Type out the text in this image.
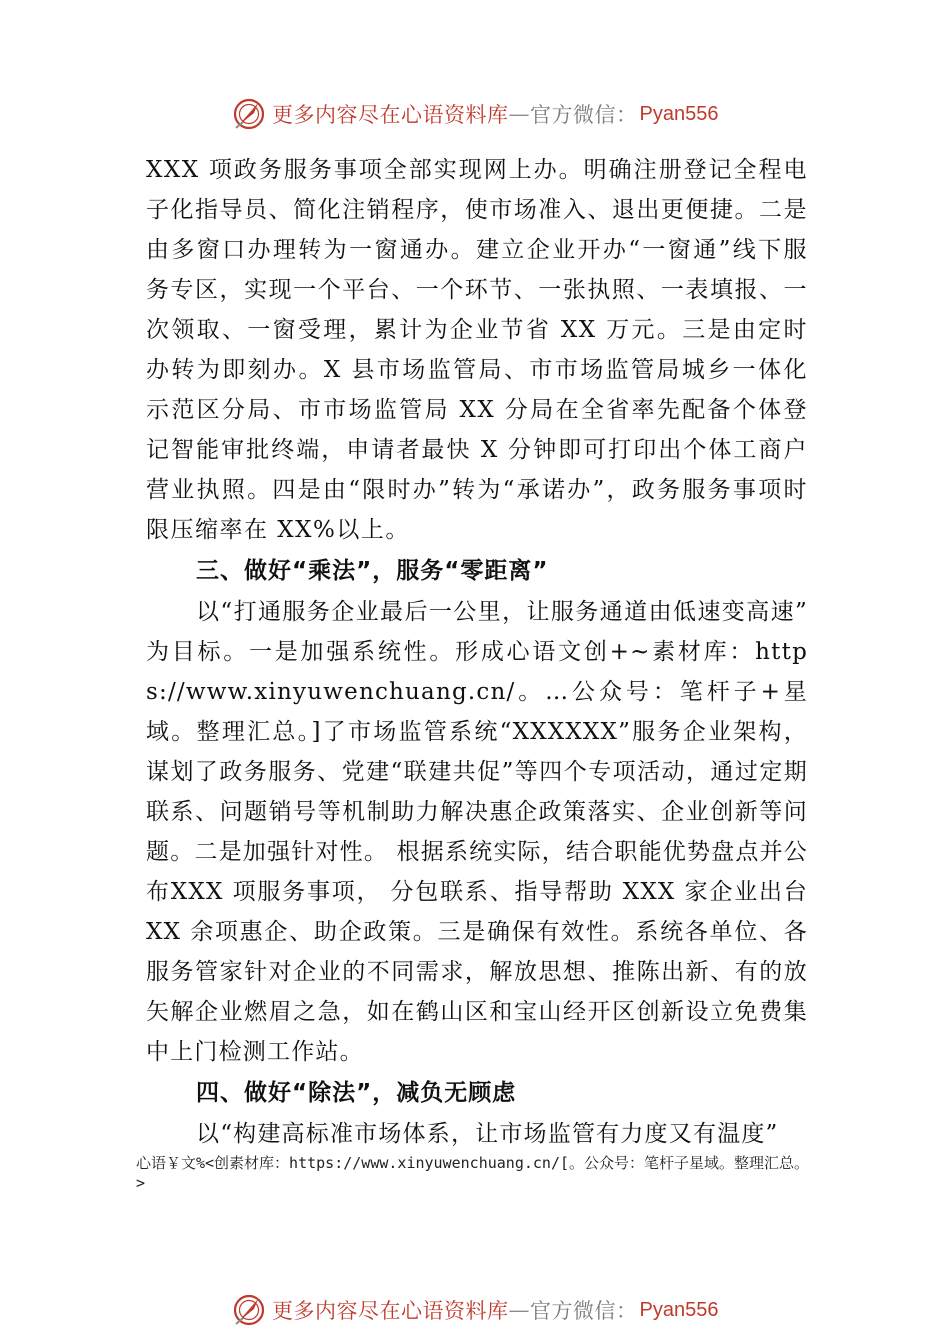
更多内容尽在心语资料库 — 官方微信： Pyan556

XXX 项政务服务事项全部实现网上办。明确注册登记全程电子化指导员、简化注销程序，使市场准入、退出更便捷。二是由多窗口办理转为一窗通办。建立企业开办“一窗通”线下服务专区，实现一个平台、一个环节、一张执照、一表填报、一次领取、一窗受理，累计为企业节省 XX 万元。三是由定时办转为即刻办。X 县市场监管局、市市场监管局城乡一体化示范区分局、市市场监管局 XX 分局在全省率先配备个体登记智能审批终端，申请者最快 X 分钟即可打印出个体工商户营业执照。四是由“限时办”转为“承诺办”，政务服务事项时限压缩率在 XX%以上。

三、做好“乘法”，服务“零距离”

以“打通服务企业最后一公里，让服务通道由低速变高速” 为目标。一是加强系统性。形成心语文创+~素材库：https://www.xinyuwenchuang.cn/。…公众号：笔杆子+星域。整理汇总。]了市场监管系统“XXXXXX”服务企业架构，谋划了政务服务、党建“联建共促”等四个专项活动，通过定期联系、问题销号等机制助力解决惠企政策落实、企业创新等问题。二是加强针对性。 根据系统实际，结合职能优势盘点并公布XXX 项服务事项， 分包联系、指导帮助 XXX 家企业出台 XX 余项惠企、助企政策。三是确保有效性。系统各单位、各服务管家针对企业的不同需求，解放思想、推陈出新、有的放矢解企业燃眉之急，如在鹤山区和宝山经开区创新设立免费集中上门检测工作站。

四、做好“除法”，减负无顾虑

以“构建高标准市场体系，让市场监管有力度又有温度”

心语￥文%<创素材库：https://www.xinyuwenchuang.cn/[。公众号：笔杆子星域。整理汇总。>
更多内容尽在心语资料库 — 官方微信： Pyan556
